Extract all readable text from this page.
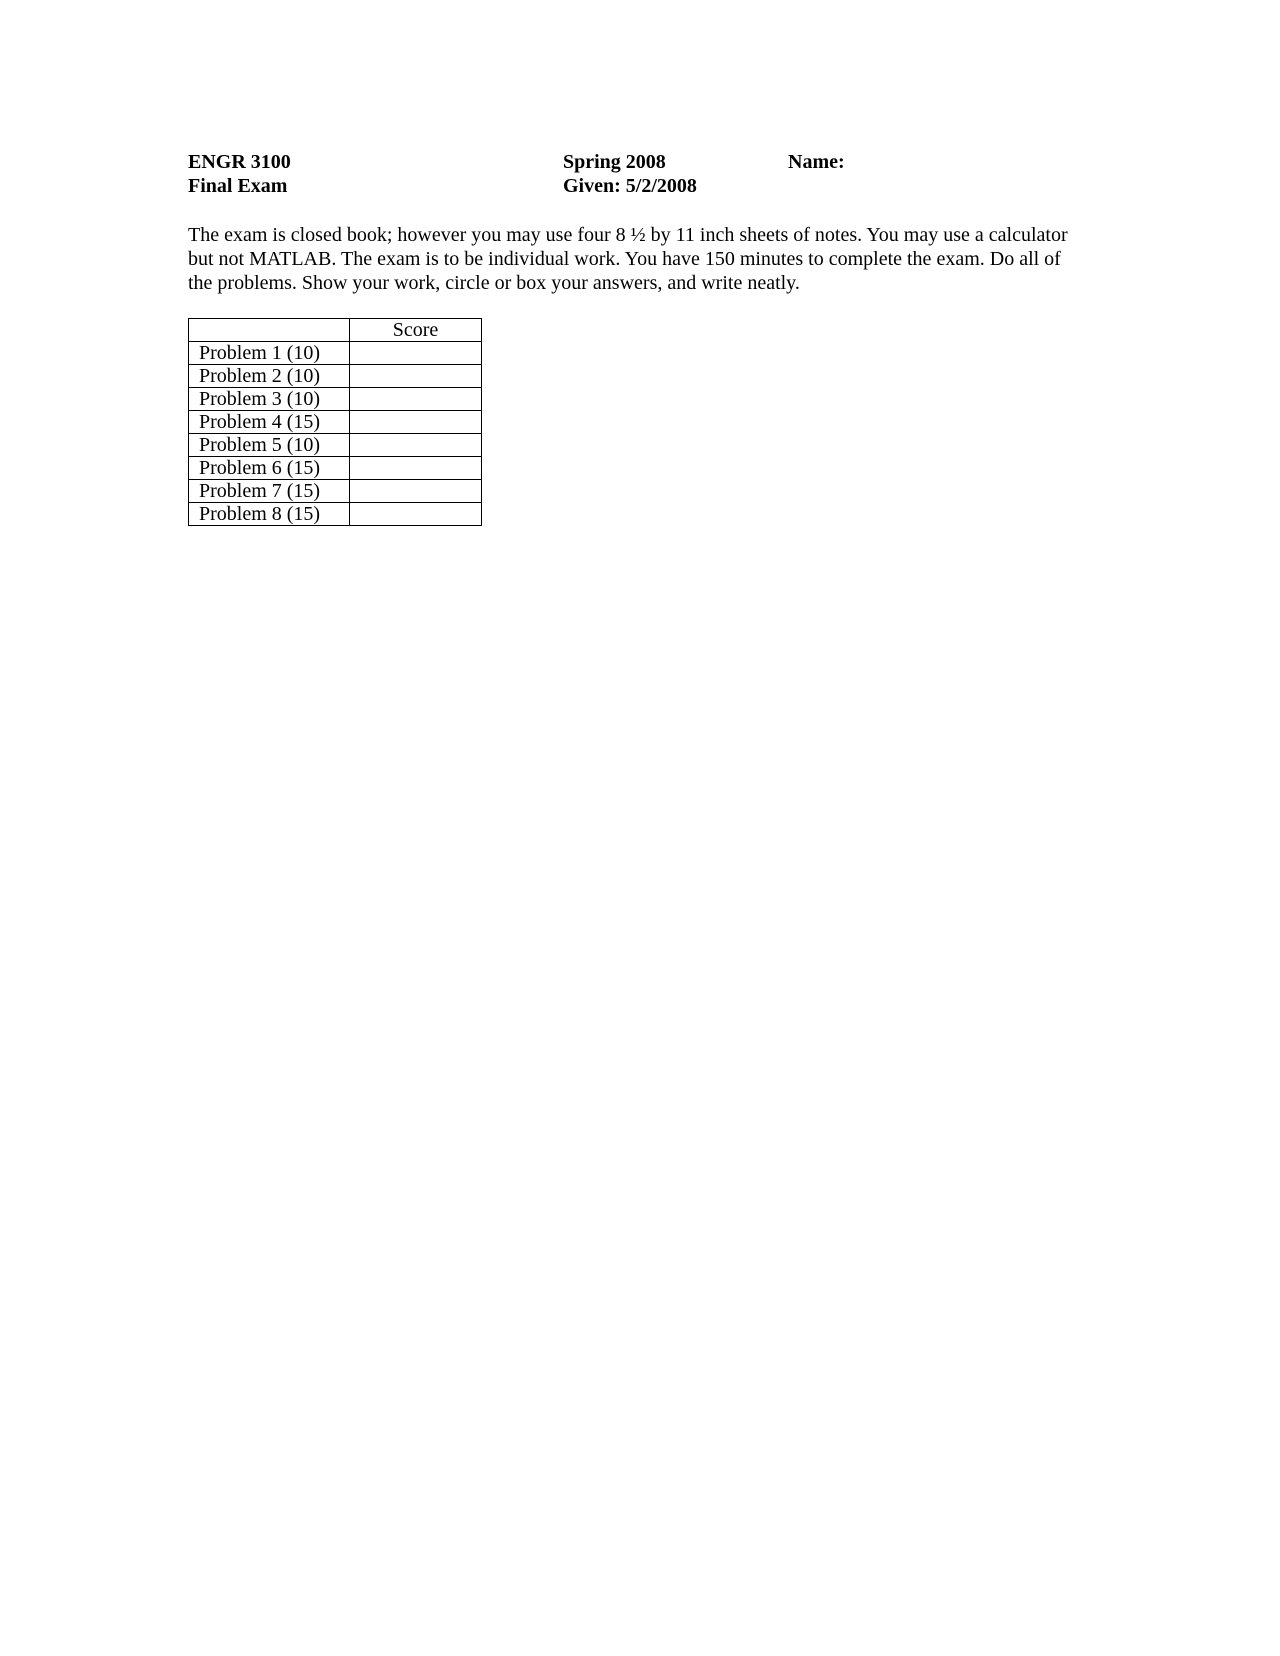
ENGR 3100
Final Exam
Spring 2008
Given: 5/2/2008
Name:

The exam is closed book; however you may use four 8 ½ by 11 inch sheets of notes. You may use a calculator but not MATLAB. The exam is to be individual work. You have 150 minutes to complete the exam. Do all of the problems. Show your work, circle or box your answers, and write neatly.

	Score
Problem 1 (10)	
Problem 2 (10)	
Problem 3 (10)	
Problem 4 (15)	
Problem 5 (10)	
Problem 6 (15)	
Problem 7 (15)	
Problem 8 (15)	
